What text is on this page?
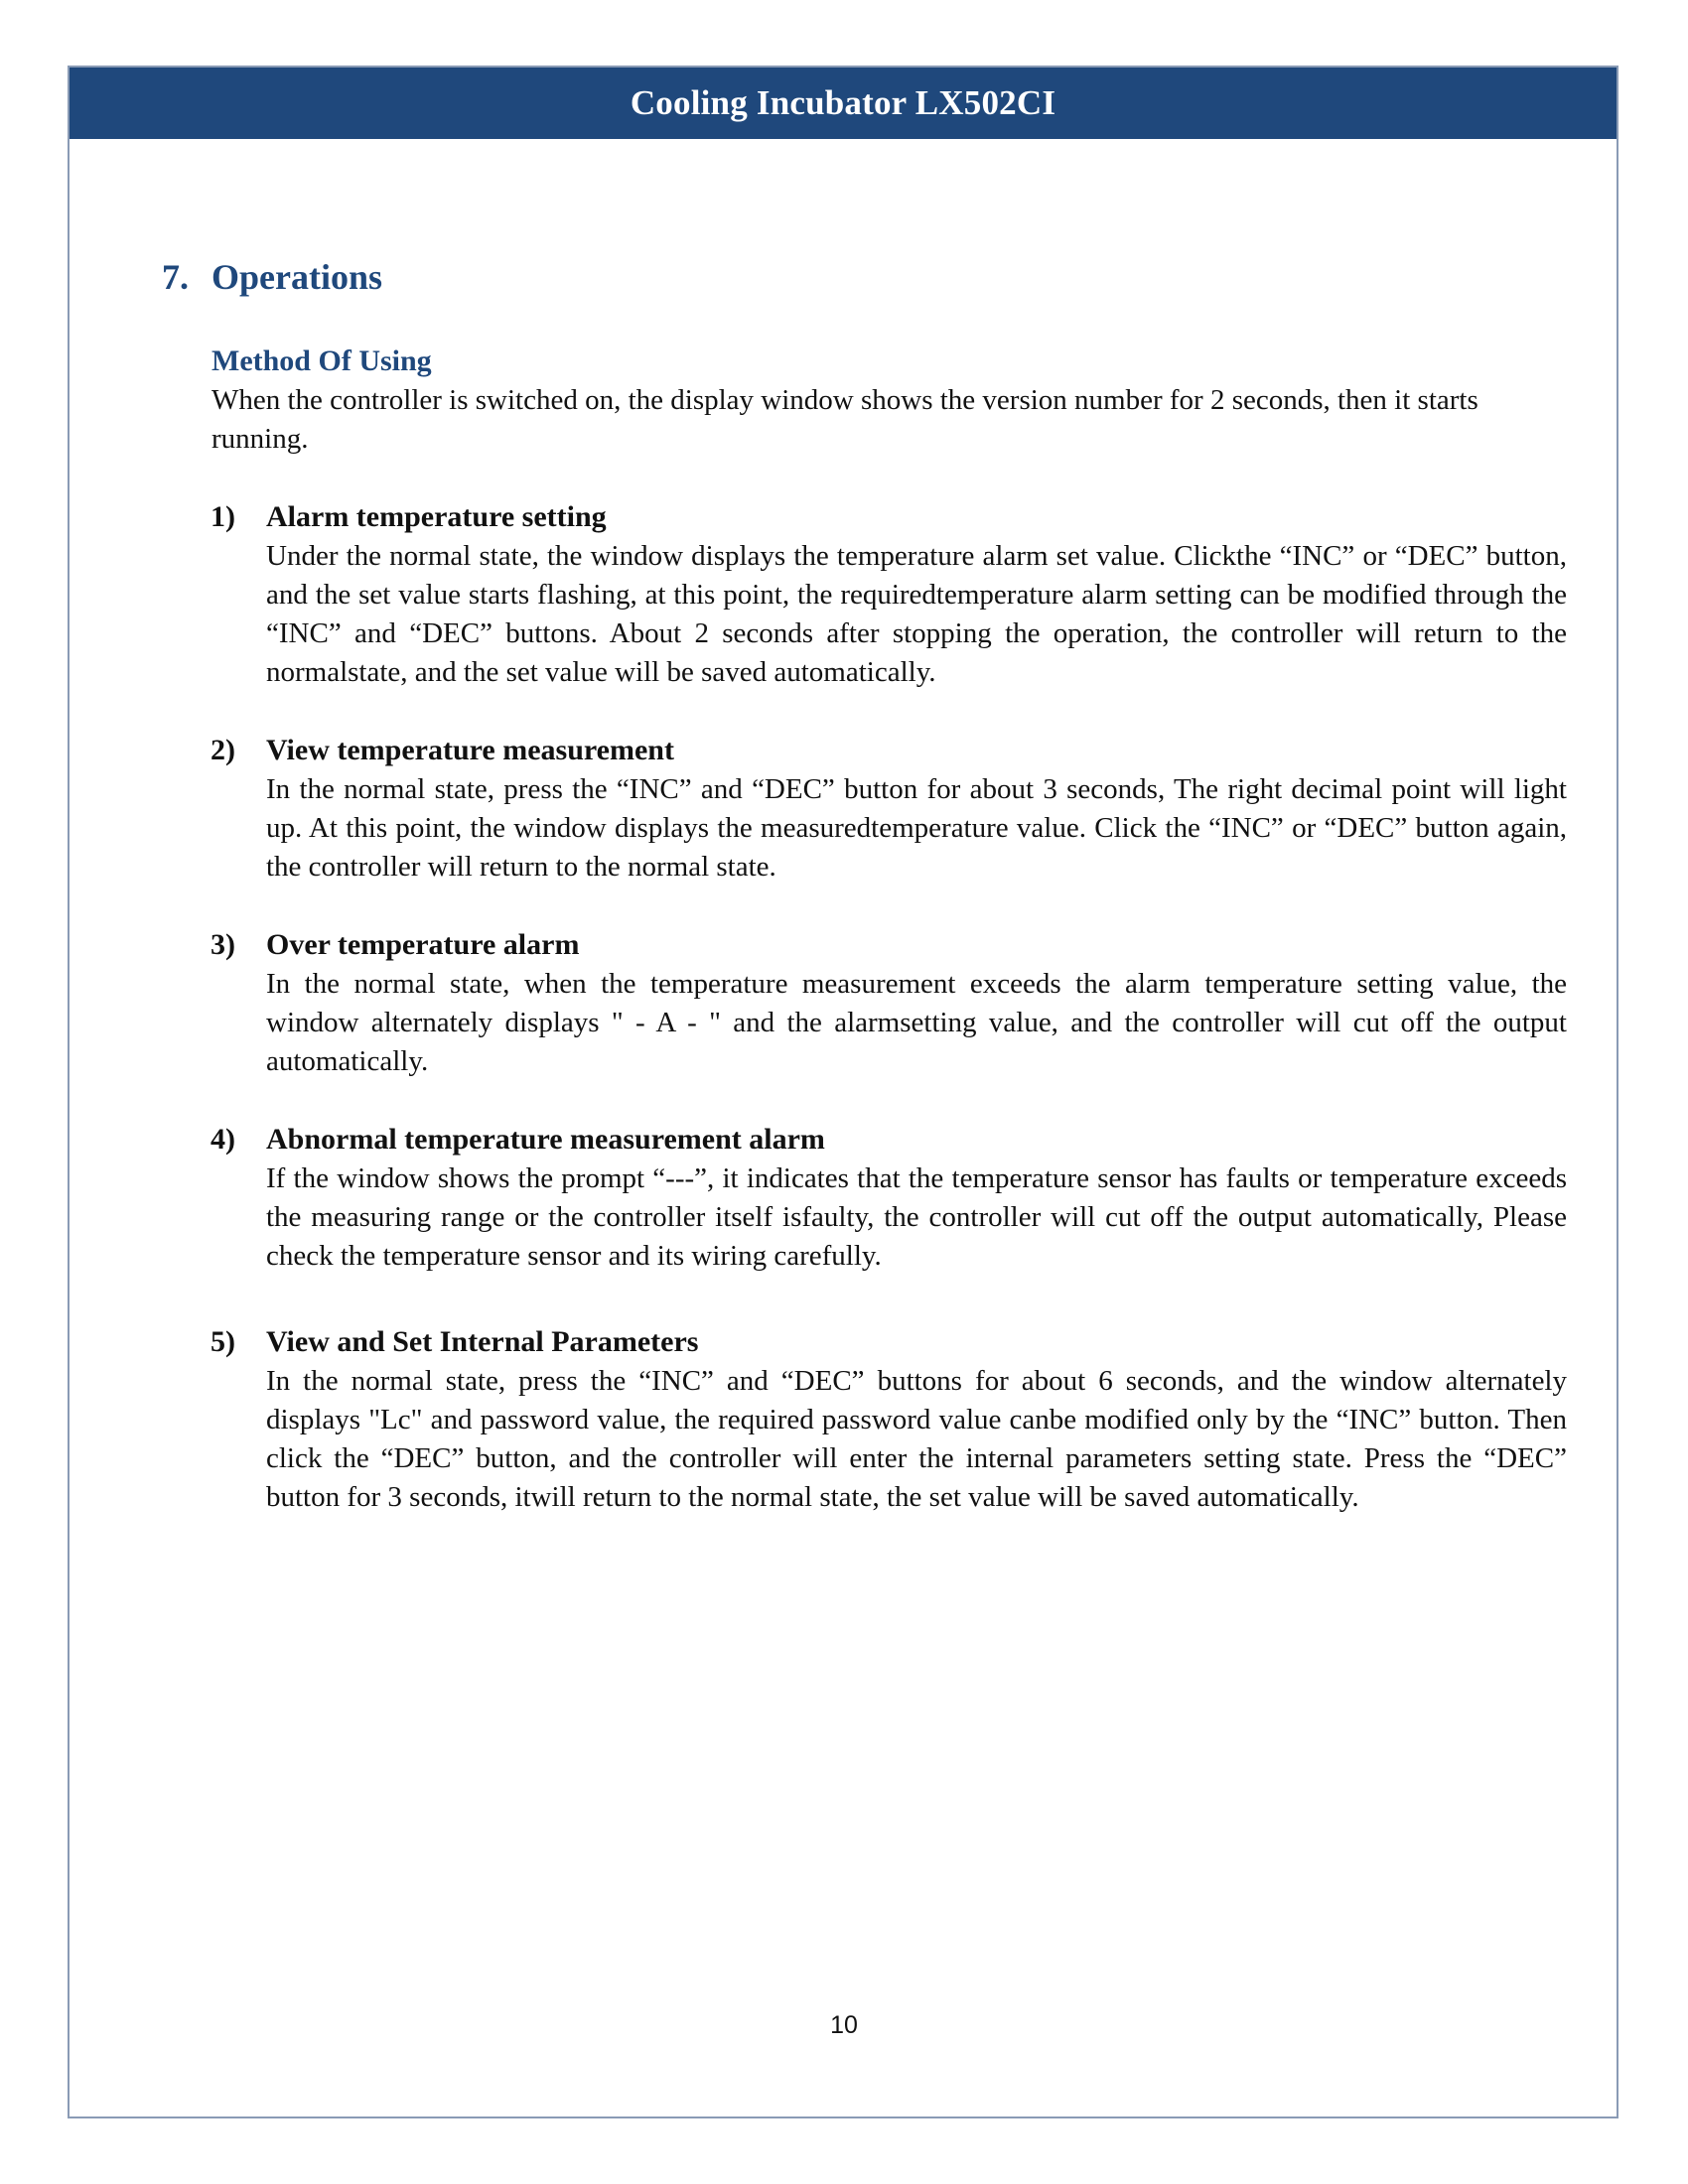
Cooling Incubator LX502CI
7. Operations

Method Of Using

When the controller is switched on, the display window shows the version number for 2 seconds, then it starts running.

1) Alarm temperature setting

Under the normal state, the window displays the temperature alarm set value. Clickthe “INC” or “DEC” button, and the set value starts flashing, at this point, the requiredtemperature alarm setting can be modified through the “INC” and “DEC” buttons. About 2 seconds after stopping the operation, the controller will return to the normalstate, and the set value will be saved automatically.

2) View temperature measurement

In the normal state, press the “INC” and “DEC” button for about 3 seconds, The right decimal point will light up. At this point, the window displays the measuredtemperature value. Click the “INC” or “DEC” button again, the controller will return to the normal state.

3) Over temperature alarm

In the normal state, when the temperature measurement exceeds the alarm temperature setting value, the window alternately displays " - A - " and the alarmsetting value, and the controller will cut off the output automatically.

4) Abnormal temperature measurement alarm

If the window shows the prompt “---”, it indicates that the temperature sensor has faults or temperature exceeds the measuring range or the controller itself isfaulty, the controller will cut off the output automatically, Please check the temperature sensor and its wiring carefully.

5) View and Set Internal Parameters

In the normal state, press the “INC” and “DEC” buttons for about 6 seconds, and the window alternately displays "Lc" and password value, the required password value canbe modified only by the “INC” button. Then click the “DEC” button, and the controller will enter the internal parameters setting state. Press the “DEC” button for 3 seconds, itwill return to the normal state, the set value will be saved automatically.

10
